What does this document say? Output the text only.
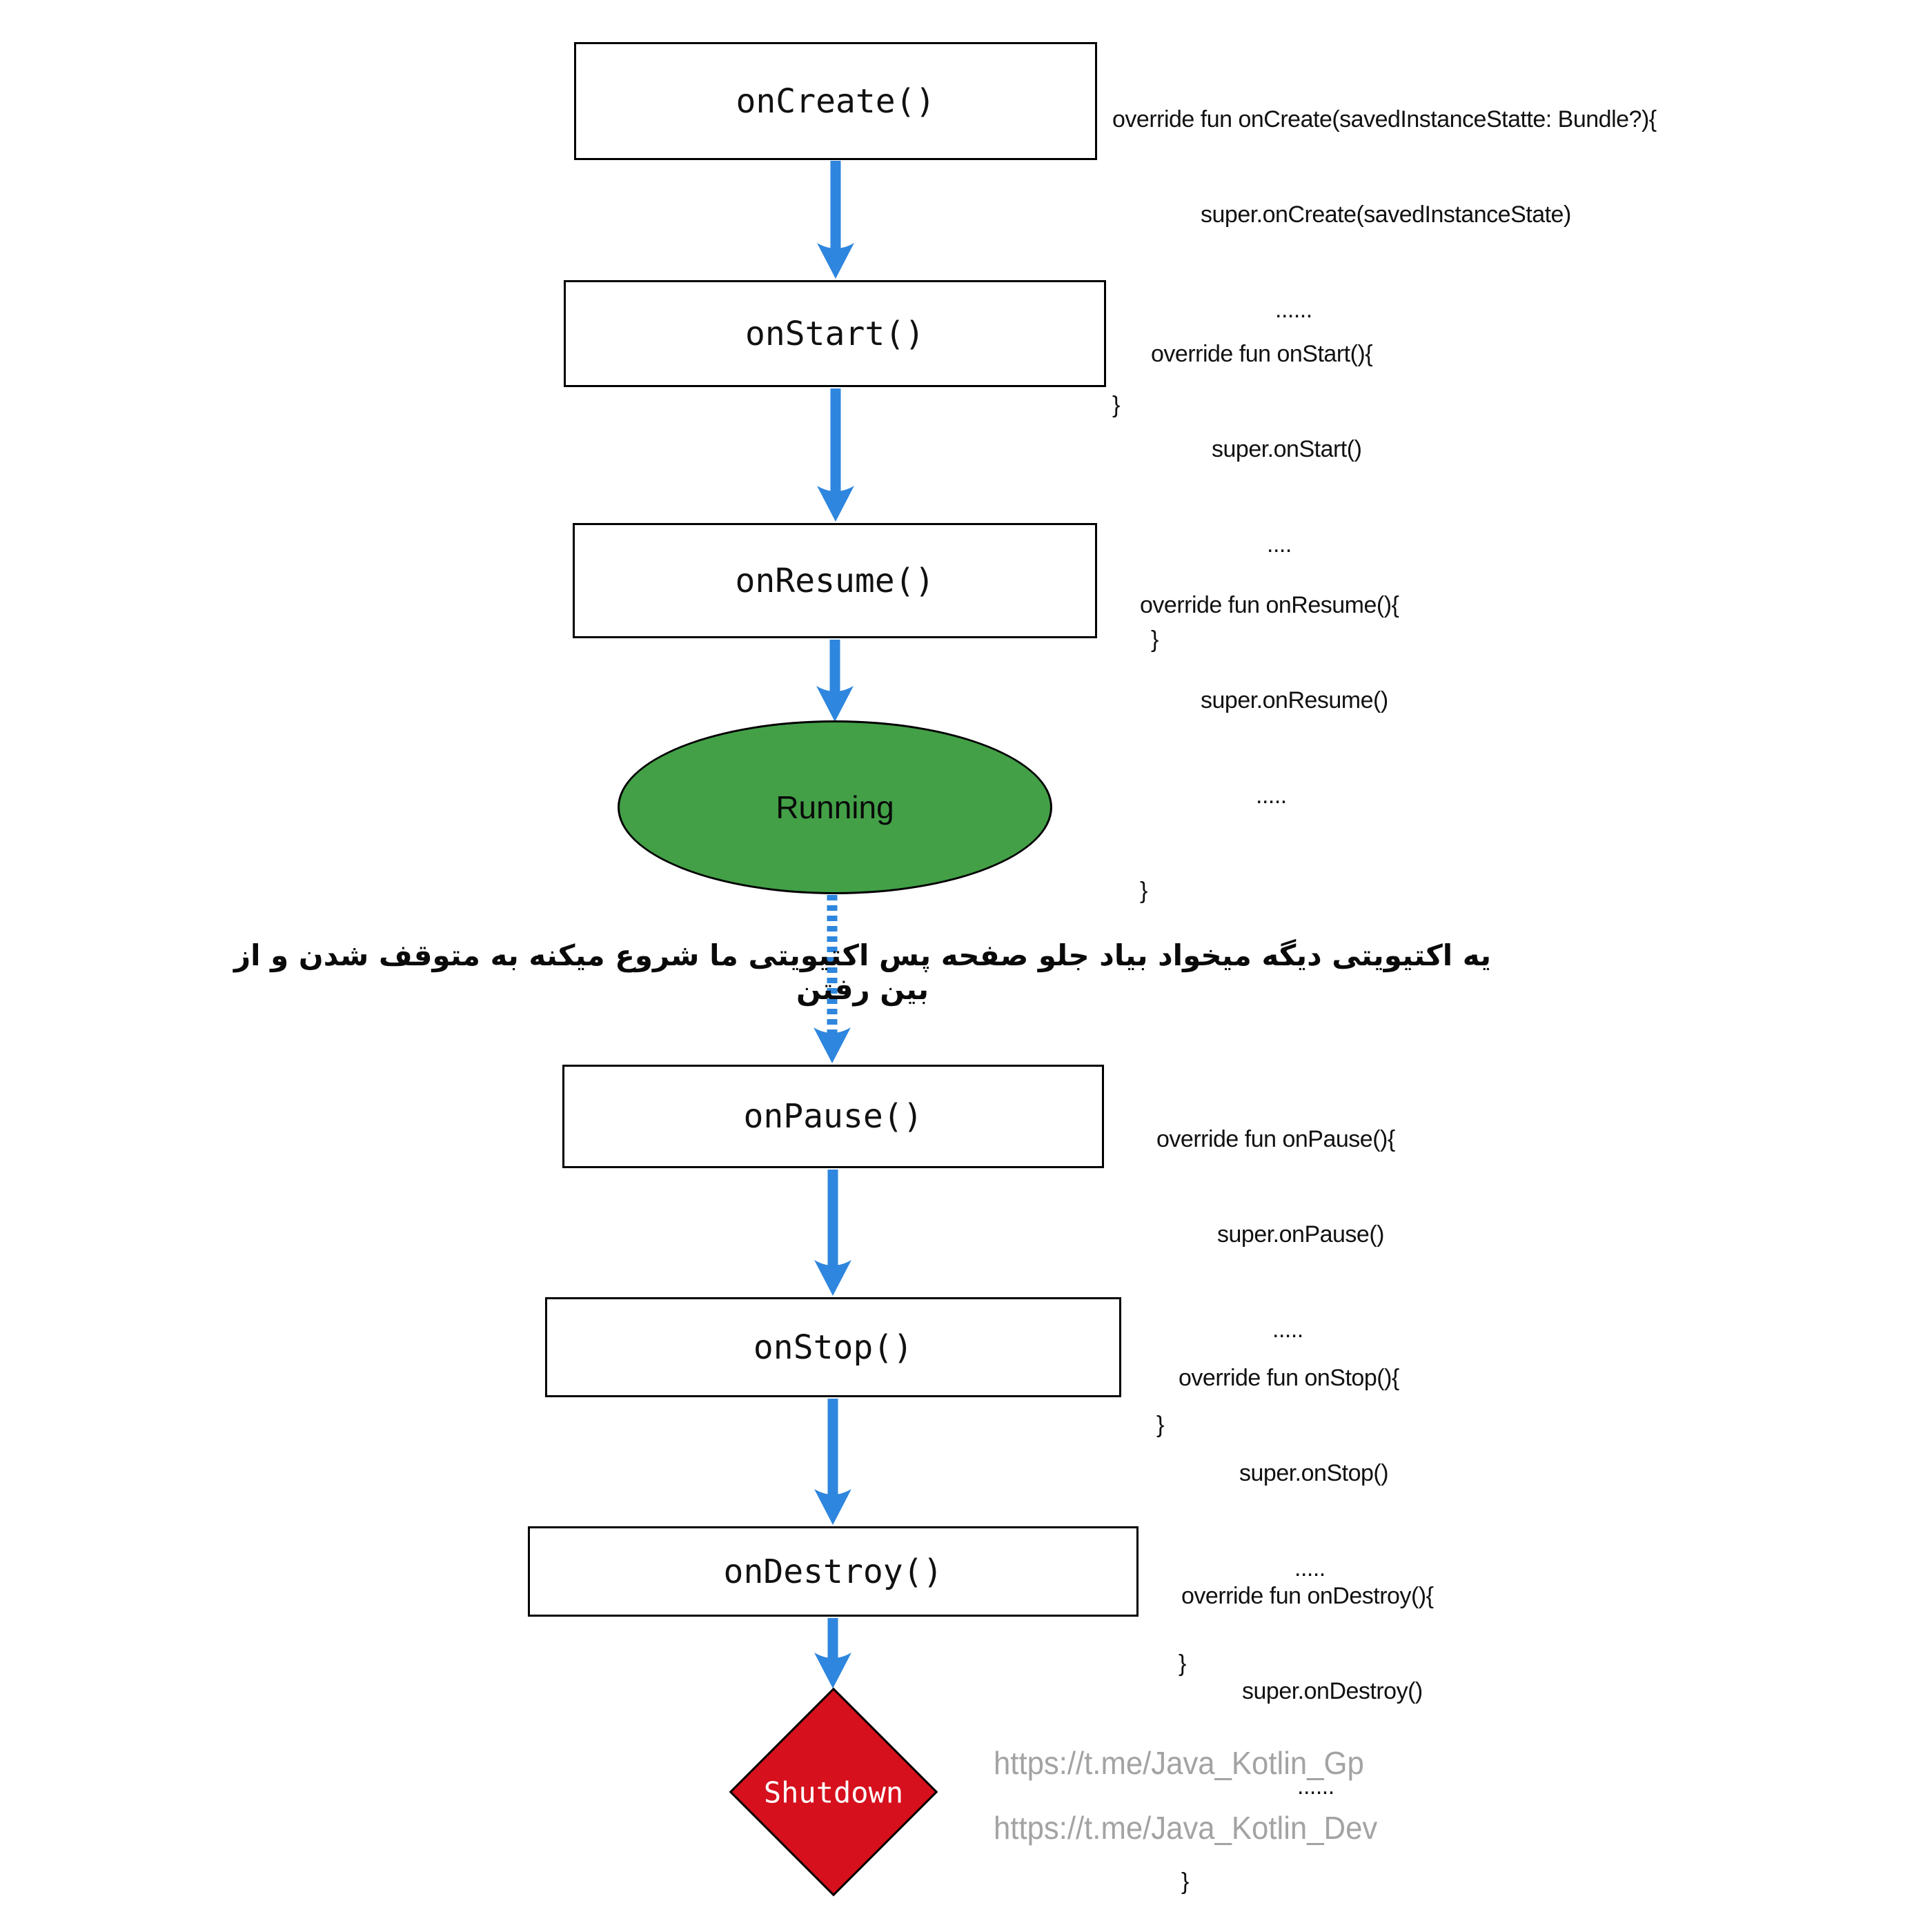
onCreate()
onStart()
onResume()
Running
onPause()
onStop()
onDestroy()
Shutdown

override fun onCreate(savedInstanceStatte: Bundle?){

super.onCreate(savedInstanceState)

......

}

override fun onStart(){

super.onStart()

....

}

override fun onResume(){

super.onResume()

.....

}

override fun onPause(){

super.onPause()

.....

}

override fun onStop(){

super.onStop()

.....

}

override fun onDestroy(){

super.onDestroy()

......

}

یه اکتیویتی دیگه میخواد بیاد جلو صفحه پس اکتیویتی ما شروع میکنه به متوقف شدن و از بین رفتن
https://t.me/Java_Kotlin_Gp
https://t.me/Java_Kotlin_Dev
